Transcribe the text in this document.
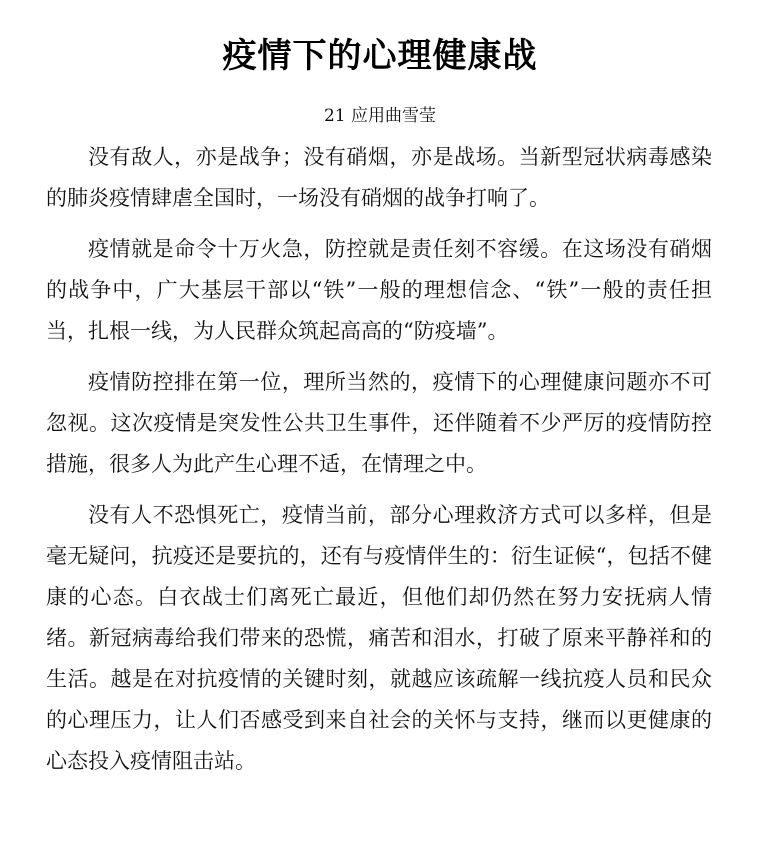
疫情下的心理健康战
21 应用曲雪莹

没有敌人，亦是战争；没有硝烟，亦是战场。当新型冠状病毒感染的肺炎疫情肆虐全国时，一场没有硝烟的战争打响了。

疫情就是命令十万火急，防控就是责任刻不容缓。在这场没有硝烟的战争中，广大基层干部以“铁”一般的理想信念、“铁”一般的责任担当，扎根一线，为人民群众筑起高高的“防疫墙”。

疫情防控排在第一位，理所当然的，疫情下的心理健康问题亦不可忽视。这次疫情是突发性公共卫生事件，还伴随着不少严厉的疫情防控措施，很多人为此产生心理不适，在情理之中。

没有人不恐惧死亡，疫情当前，部分心理救济方式可以多样，但是毫无疑问，抗疫还是要抗的，还有与疫情伴生的：衍生证候“，包括不健康的心态。白衣战士们离死亡最近，但他们却仍然在努力安抚病人情绪。新冠病毒给我们带来的恐慌，痛苦和泪水，打破了原来平静祥和的生活。越是在对抗疫情的关键时刻，就越应该疏解一线抗疫人员和民众的心理压力，让人们否感受到来自社会的关怀与支持，继而以更健康的心态投入疫情阻击站。
